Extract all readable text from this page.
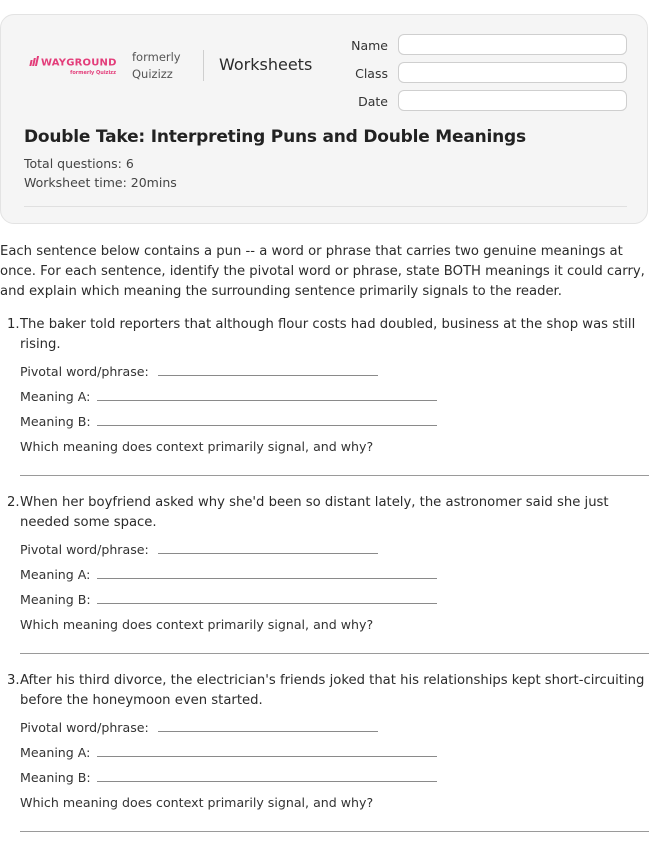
WAYGROUND
formerly Quizizz
formerly Quizizz	Worksheets
Name
Class
Date
Double Take: Interpreting Puns and Double Meanings
Total questions: 6
Worksheet time: 20mins
Each sentence below contains a pun -- a word or phrase that carries two genuine meanings at once. For each sentence, identify the pivotal word or phrase, state BOTH meanings it could carry, and explain which meaning the surrounding sentence primarily signals to the reader.
1. The baker told reporters that although flour costs had doubled, business at the shop was still rising.
Pivotal word/phrase:
Meaning A:
Meaning B:
Which meaning does context primarily signal, and why?
2. When her boyfriend asked why she'd been so distant lately, the astronomer said she just needed some space.
Pivotal word/phrase:
Meaning A:
Meaning B:
Which meaning does context primarily signal, and why?
3. After his third divorce, the electrician's friends joked that his relationships kept short-circuiting before the honeymoon even started.
Pivotal word/phrase:
Meaning A:
Meaning B:
Which meaning does context primarily signal, and why?
